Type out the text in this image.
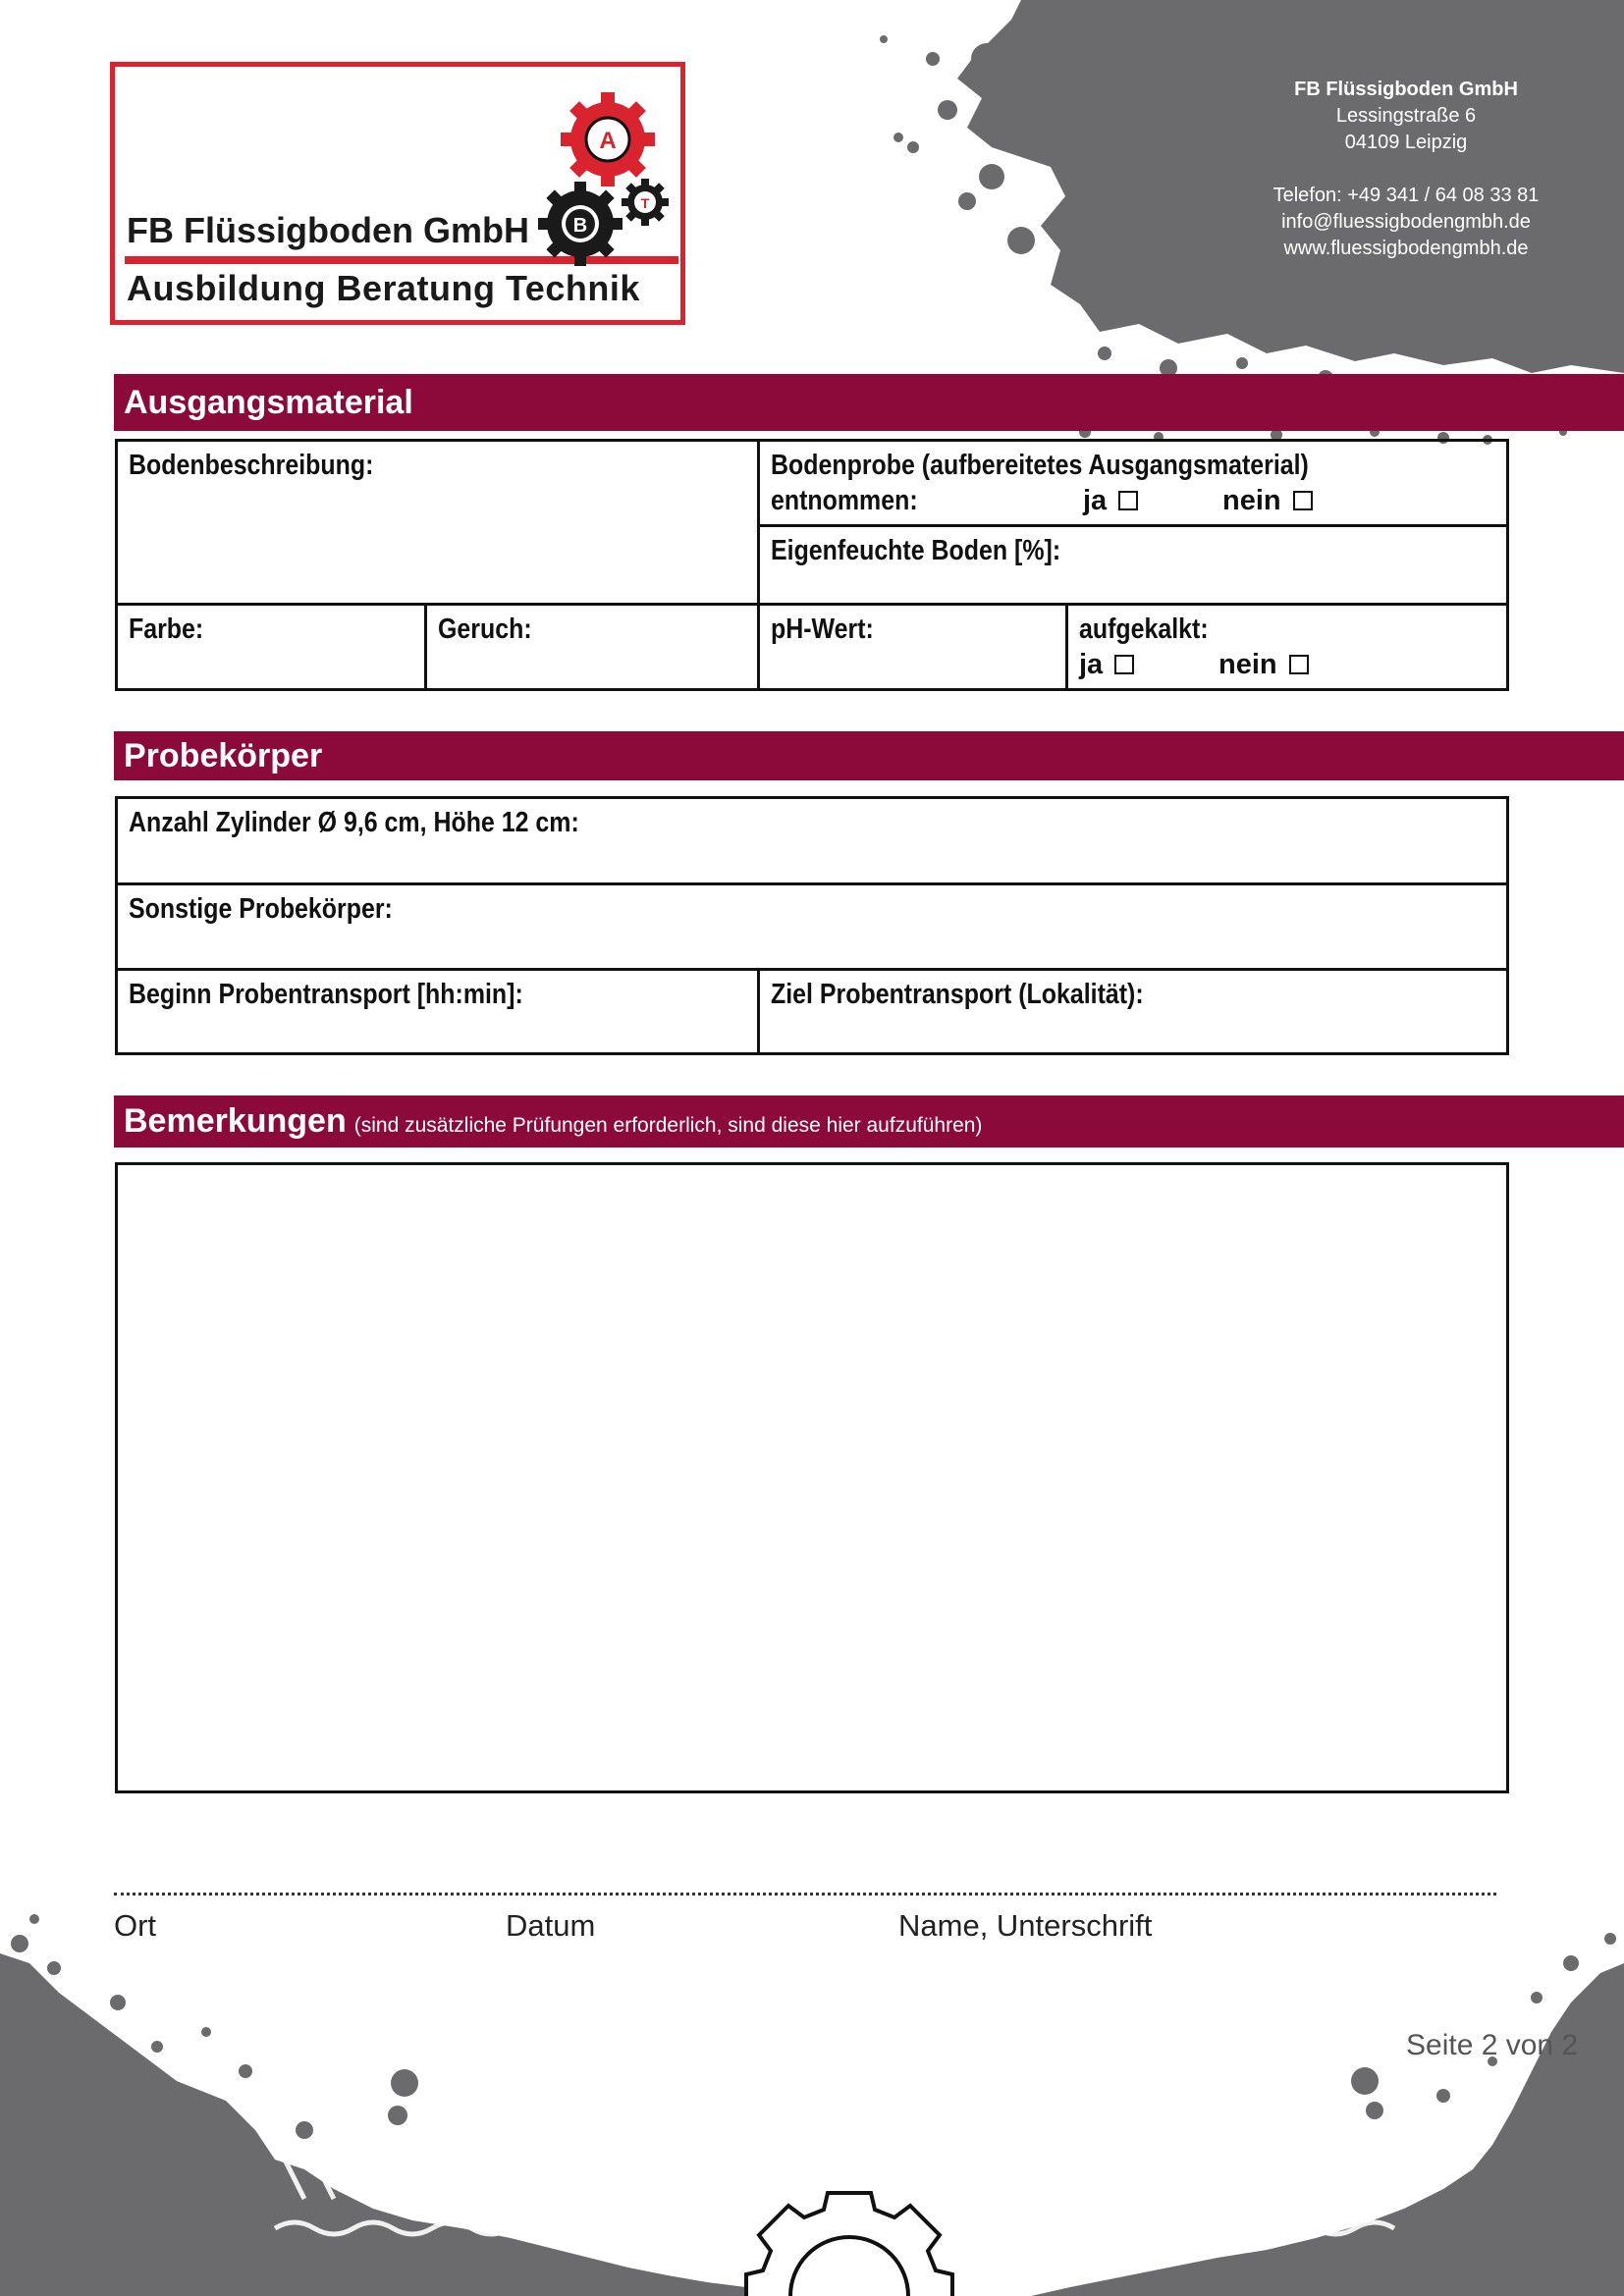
FB Flüssigboden GmbH
Lessingstraße 6
04109 Leipzig
Telefon: +49 341 / 64 08 33 81
info@fluessigbodengmbh.de
www.fluessigbodengmbh.de
FB Flüssigboden GmbH
Ausbildung Beratung Technik
A
B
T
Ausgangsmaterial
Bodenbeschreibung:	Bodenprobe (aufbereitetes Ausgangsmaterial)
entnommen:	ja	nein
Eigenfeuchte Boden [%]:
Farbe:	Geruch:	pH-Wert:	aufgekalkt:
ja	nein
Probekörper
Anzahl Zylinder Ø 9,6 cm, Höhe 12 cm:
Sonstige Probekörper:
Beginn Probentransport [hh:min]:	Ziel Probentransport (Lokalität):
Bemerkungen (sind zusätzliche Prüfungen erforderlich, sind diese hier aufzuführen)
Ort	Datum	Name, Unterschrift
Seite 2 von 2
